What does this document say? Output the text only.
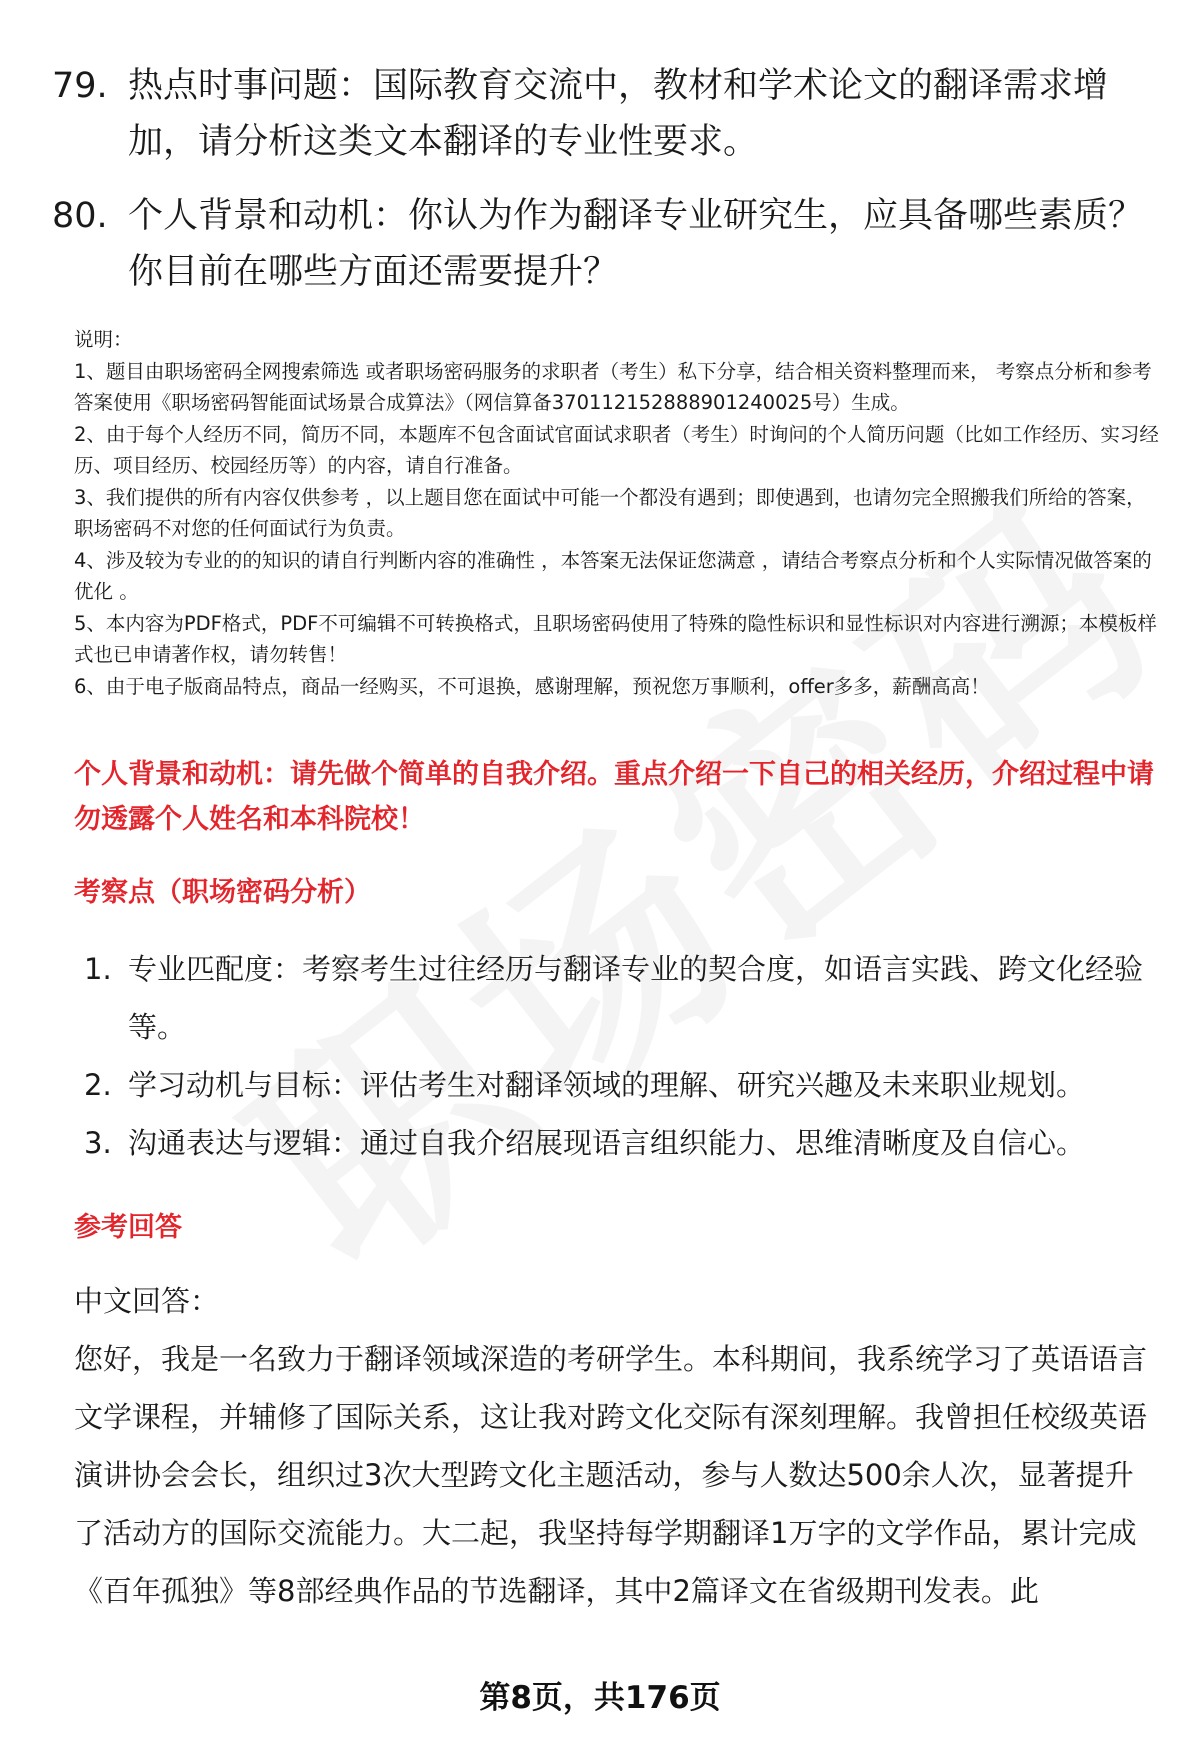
79. 热点时事问题：国际教育交流中，教材和学术论文的翻译需求增加，请分析这类文本翻译的专业性要求。
80. 个人背景和动机：你认为作为翻译专业研究生，应具备哪些素质？你目前在哪些方面还需要提升？

说明：

1、题目由职场密码全网搜索筛选 或者职场密码服务的求职者（考生）私下分享，结合相关资料整理而来， 考察点分析和参考答案使用《职场密码智能面试场景合成算法》（网信算备370112152888901240025号）生成。

2、由于每个人经历不同，简历不同，本题库不包含面试官面试求职者（考生）时询问的个人简历问题（比如工作经历、实习经历、项目经历、校园经历等）的内容，请自行准备。

3、我们提供的所有内容仅供参考 ，以上题目您在面试中可能一个都没有遇到；即使遇到，也请勿完全照搬我们所给的答案，职场密码不对您的任何面试行为负责。

4、涉及较为专业的的知识的请自行判断内容的准确性 ，本答案无法保证您满意 ，请结合考察点分析和个人实际情况做答案的优化 。

5、本内容为PDF格式，PDF不可编辑不可转换格式，且职场密码使用了特殊的隐性标识和显性标识对内容进行溯源；本模板样式也已申请著作权，请勿转售！

6、由于电子版商品特点，商品一经购买，不可退换，感谢理解，预祝您万事顺利，offer多多，薪酬高高！

个人背景和动机：请先做个简单的自我介绍。重点介绍一下自己的相关经历，介绍过程中请勿透露个人姓名和本科院校！
考察点（职场密码分析）
1. 专业匹配度：考察考生过往经历与翻译专业的契合度，如语言实践、跨文化经验等。
2. 学习动机与目标：评估考生对翻译领域的理解、研究兴趣及未来职业规划。
3. 沟通表达与逻辑：通过自我介绍展现语言组织能力、思维清晰度及自信心。
参考回答
中文回答：
您好，我是一名致力于翻译领域深造的考研学生。本科期间，我系统学习了英语语言文学课程，并辅修了国际关系，这让我对跨文化交际有深刻理解。我曾担任校级英语演讲协会会长，组织过3次大型跨文化主题活动，参与人数达500余人次，显著提升了活动方的国际交流能力。大二起，我坚持每学期翻译1万字的文学作品，累计完成《百年孤独》等8部经典作品的节选翻译，其中2篇译文在省级期刊发表。此
第8页，共176页
